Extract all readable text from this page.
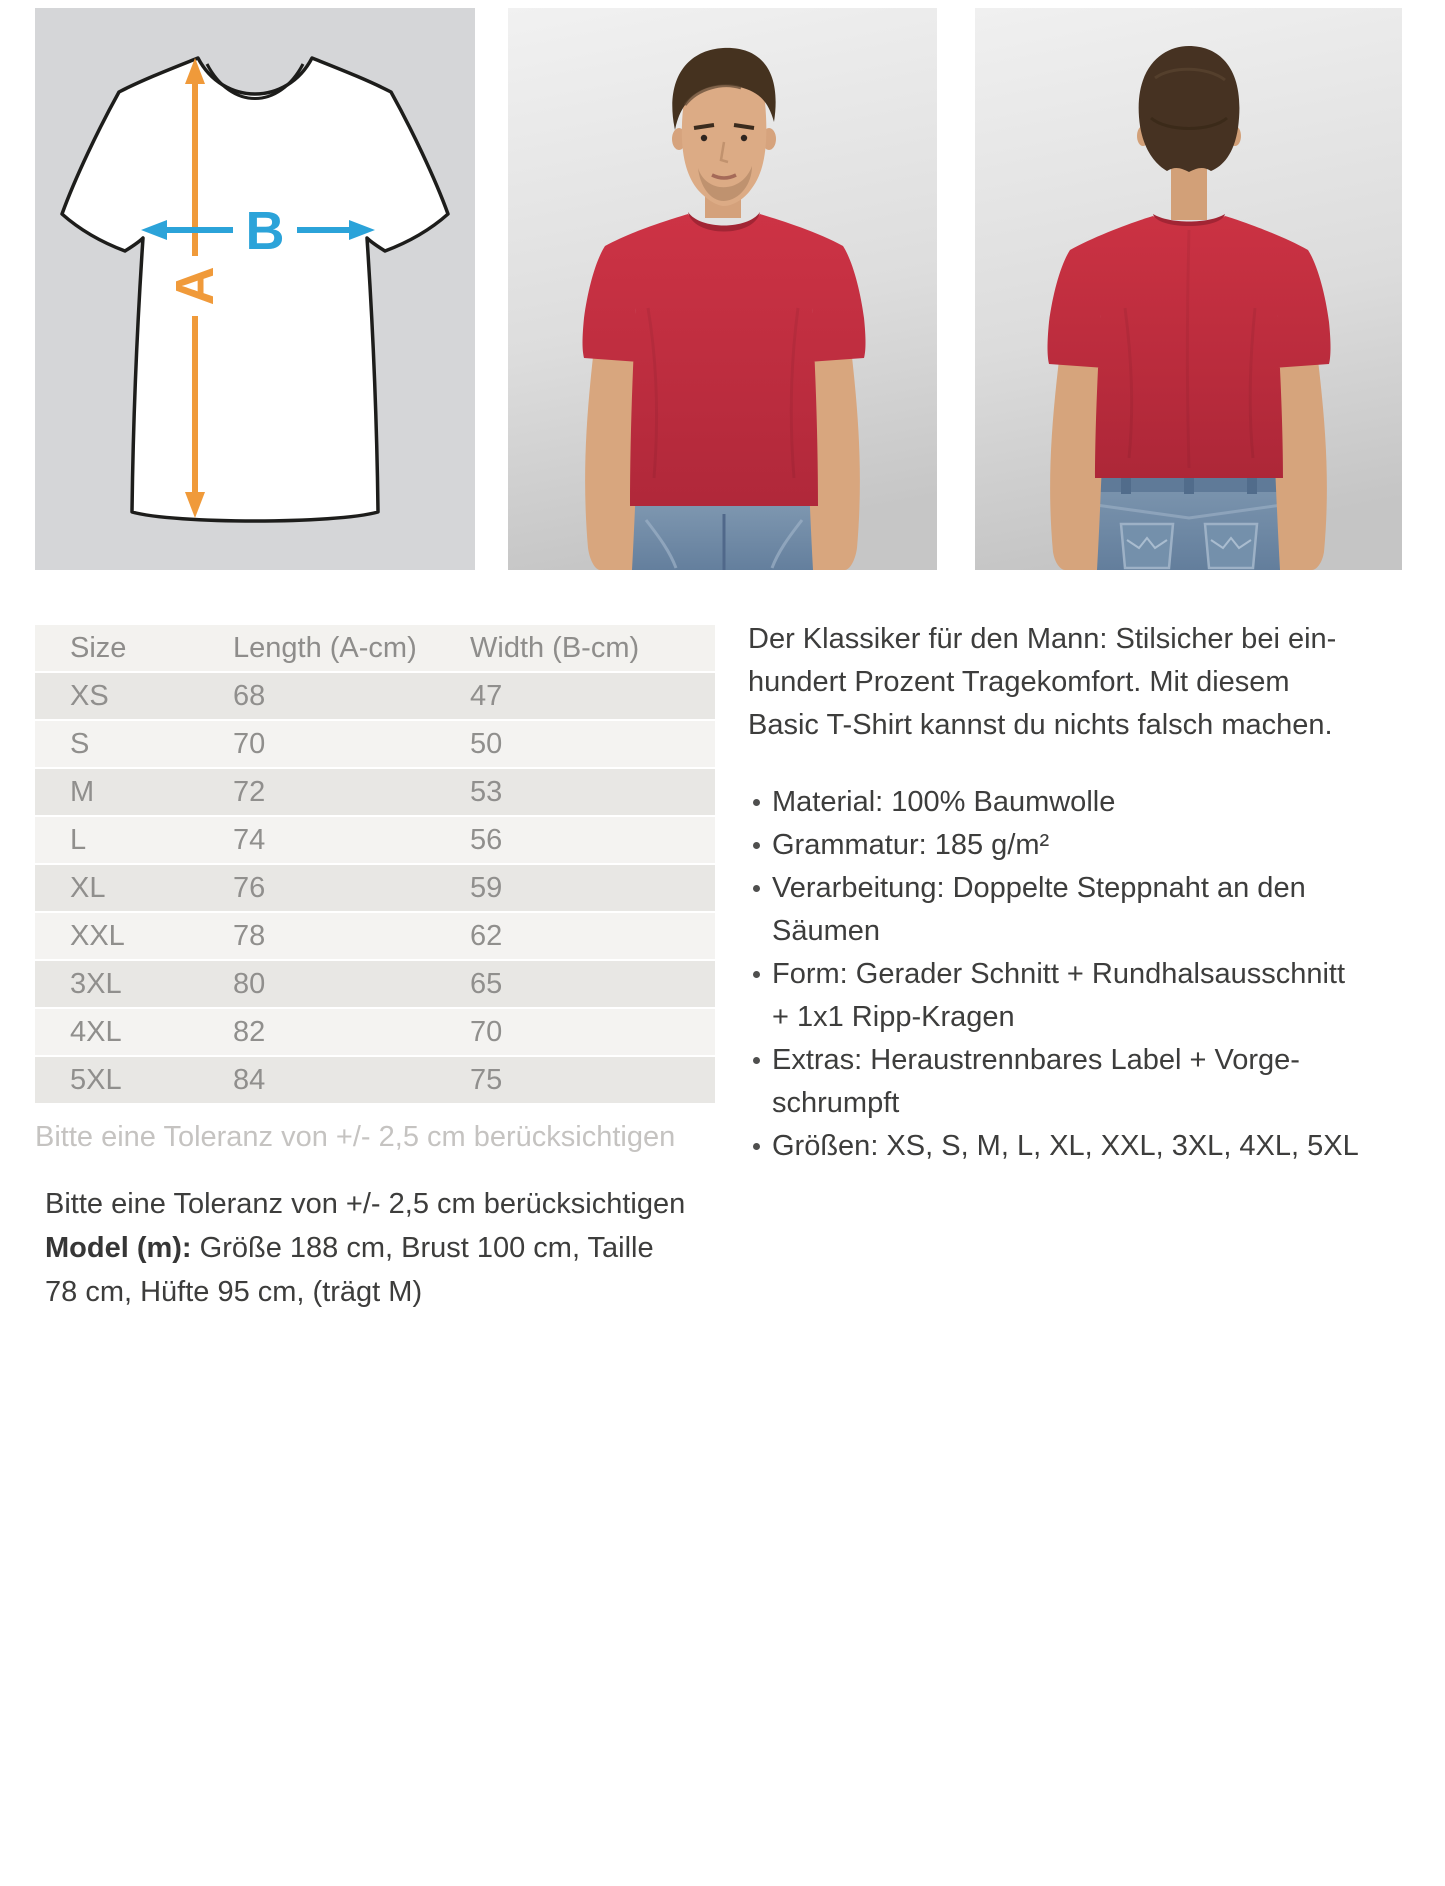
A
B
Size	Length (A-cm)	Width (B-cm)
XS	68	47
S	70	50
M	72	53
L	74	56
XL	76	59
XXL	78	62
3XL	80	65
4XL	82	70
5XL	84	75
Bitte eine Toleranz von +/- 2,5 cm berücksichtigen
Der Klassiker für den Mann: Stilsicher bei ein-
hundert Prozent Tragekomfort. Mit diesem
Basic T-Shirt kannst du nichts falsch machen.
Material: 100% Baumwolle
Grammatur: 185 g/m²
Verarbeitung: Doppelte Steppnaht an den
Säumen
Form: Gerader Schnitt + Rundhalsausschnitt
+ 1x1 Ripp-Kragen
Extras: Heraustrennbares Label + Vorge-
schrumpft
Größen: XS, S, M, L, XL, XXL, 3XL, 4XL, 5XL
Bitte eine Toleranz von +/- 2,5 cm berücksichtigen
Model (m): Größe 188 cm, Brust 100 cm, Taille
78 cm, Hüfte 95 cm, (trägt M)
